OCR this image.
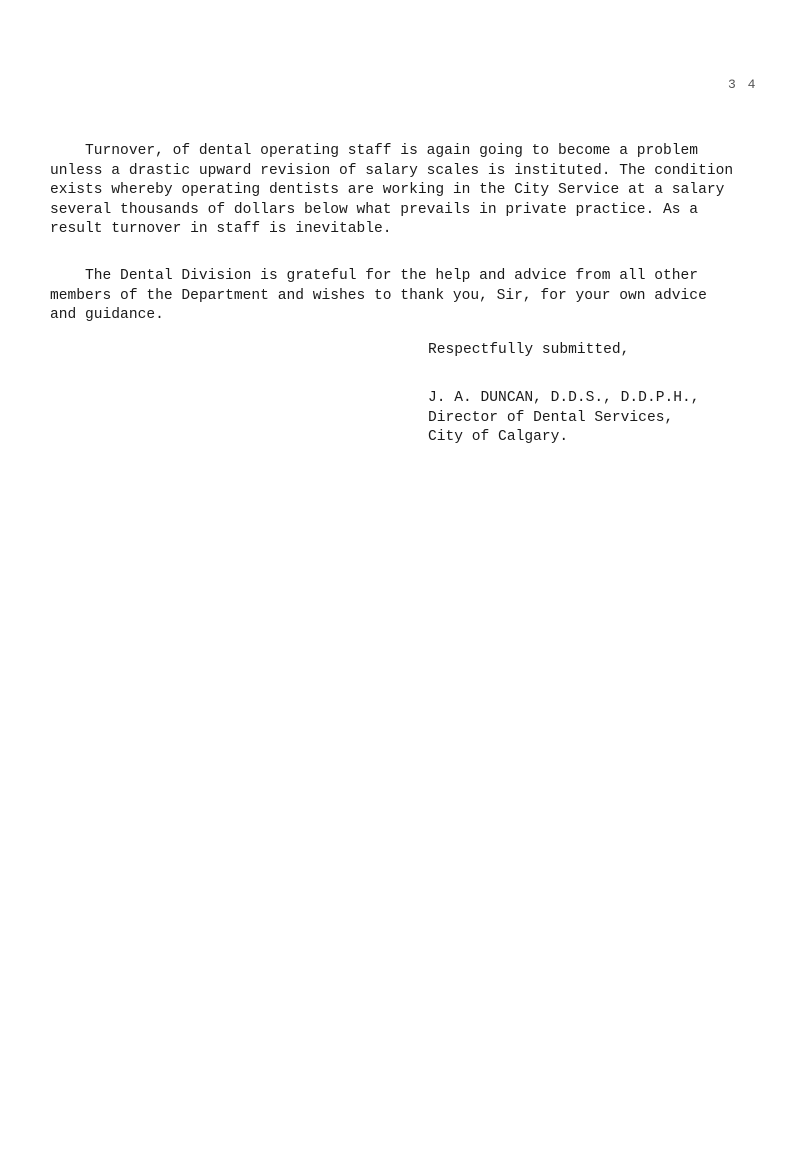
3 4

Turnover, of dental operating staff is again going to become a problem
unless a drastic upward revision of salary scales is instituted. The condition
exists whereby operating dentists are working in the City Service at a salary
several thousands of dollars below what prevails in private practice. As a
result turnover in staff is inevitable.

The Dental Division is grateful for the help and advice from all other
members of the Department and wishes to thank you, Sir, for your own advice
and guidance.

Respectfully submitted,
J. A. DUNCAN, D.D.S., D.D.P.H.,
Director of Dental Services,
City of Calgary.
